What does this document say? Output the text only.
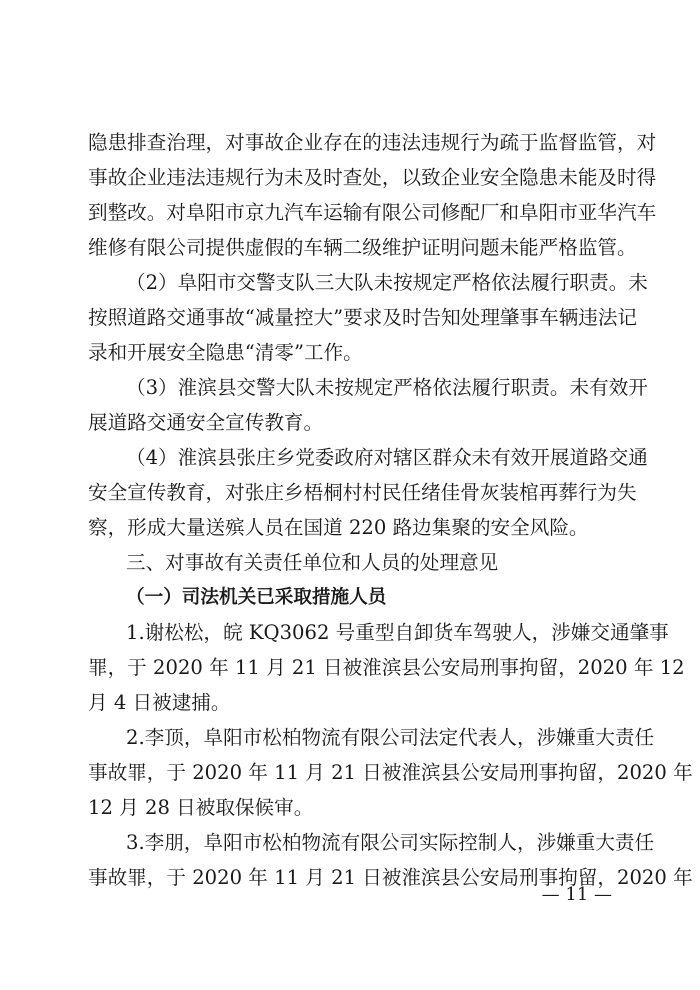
隐患排查治理，对事故企业存在的违法违规行为疏于监督监管，对
事故企业违法违规行为未及时查处，以致企业安全隐患未能及时得
到整改。对阜阳市京九汽车运输有限公司修配厂和阜阳市亚华汽车
维修有限公司提供虚假的车辆二级维护证明问题未能严格监管。
（2）阜阳市交警支队三大队未按规定严格依法履行职责。未
按照道路交通事故“减量控大”要求及时告知处理肇事车辆违法记
录和开展安全隐患“清零”工作。
（3）淮滨县交警大队未按规定严格依法履行职责。未有效开
展道路交通安全宣传教育。
（4）淮滨县张庄乡党委政府对辖区群众未有效开展道路交通
安全宣传教育，对张庄乡梧桐村村民任绪佳骨灰装棺再葬行为失
察，形成大量送殡人员在国道 220 路边集聚的安全风险。
三、对事故有关责任单位和人员的处理意见
（一）司法机关已采取措施人员
1.谢松松，皖 KQ3062 号重型自卸货车驾驶人，涉嫌交通肇事
罪，于 2020 年 11 月 21 日被淮滨县公安局刑事拘留，2020 年 12
月 4 日被逮捕。
2.李顶，阜阳市松柏物流有限公司法定代表人，涉嫌重大责任
事故罪，于 2020 年 11 月 21 日被淮滨县公安局刑事拘留，2020 年
12 月 28 日被取保候审。
3.李朋，阜阳市松柏物流有限公司实际控制人，涉嫌重大责任
事故罪，于 2020 年 11 月 21 日被淮滨县公安局刑事拘留，2020 年
— 11 —
